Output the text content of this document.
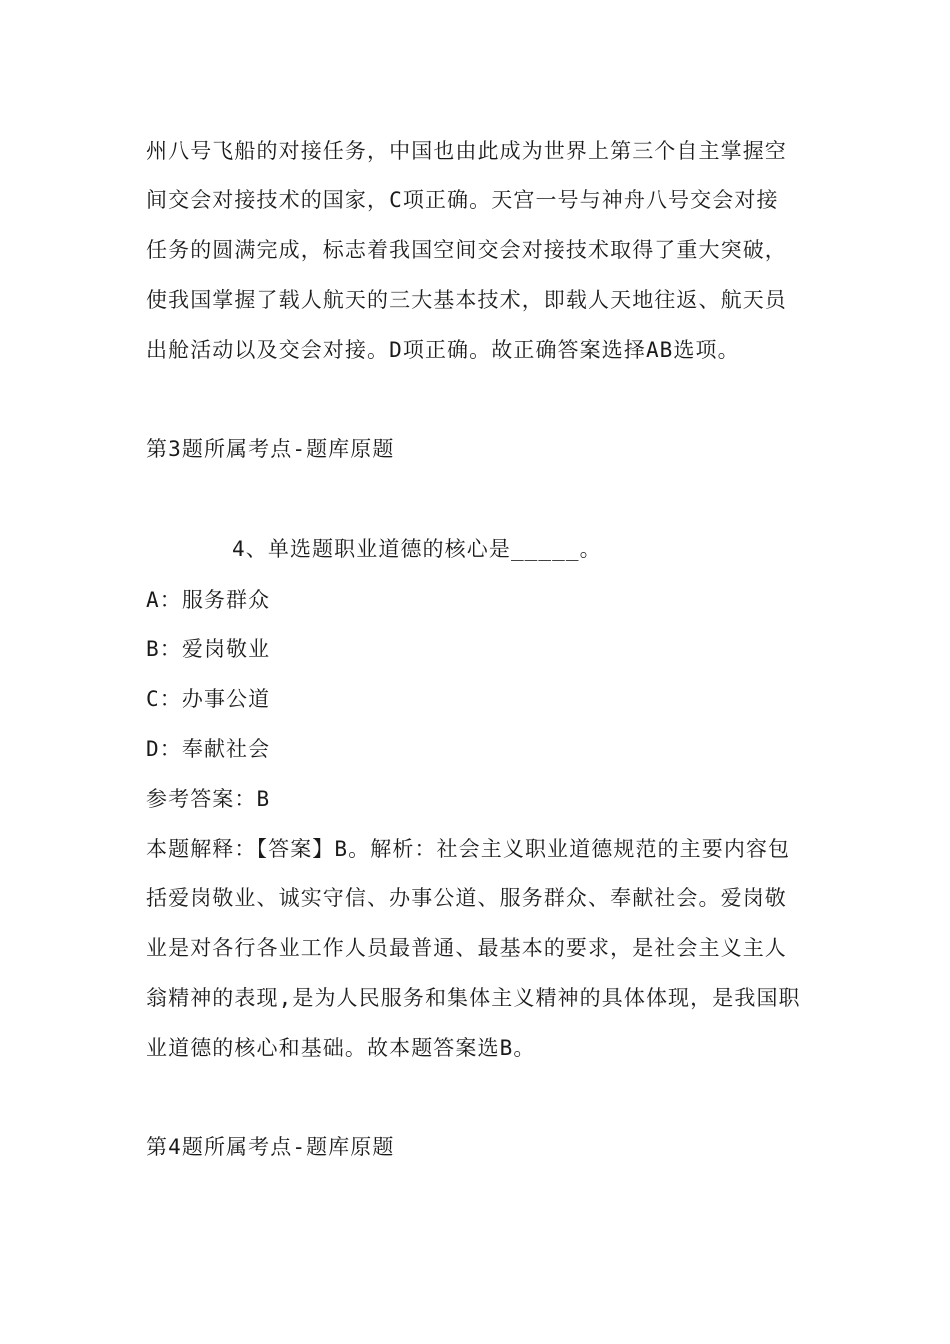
州八号飞船的对接任务，中国也由此成为世界上第三个自主掌握空
间交会对接技术的国家，C项正确。天宫一号与神舟八号交会对接
任务的圆满完成，标志着我国空间交会对接技术取得了重大突破，
使我国掌握了载人航天的三大基本技术，即载人天地往返、航天员
出舱活动以及交会对接。D项正确。故正确答案选择AB选项。
第3题所属考点-题库原题
4、单选题职业道德的核心是_____。
A：服务群众
B：爱岗敬业
C：办事公道
D：奉献社会
参考答案：B
本题解释：【答案】B。解析：社会主义职业道德规范的主要内容包
括爱岗敬业、诚实守信、办事公道、服务群众、奉献社会。爱岗敬
业是对各行各业工作人员最普通、最基本的要求，是社会主义主人
翁精神的表现,是为人民服务和集体主义精神的具体体现，是我国职
业道德的核心和基础。故本题答案选B。
第4题所属考点-题库原题
